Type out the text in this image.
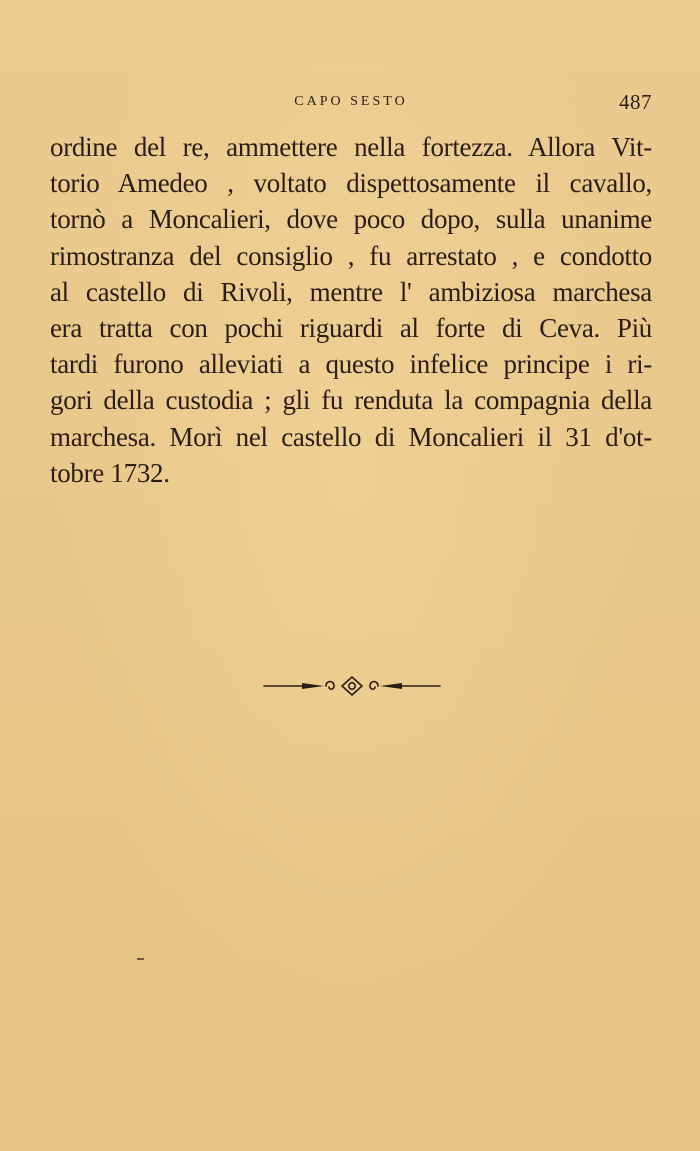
CAPO SESTO	487
ordine del re, ammettere nella fortezza. Allora Vit-
torio Amedeo , voltato dispettosamente il cavallo,
tornò a Moncalieri, dove poco dopo, sulla unanime
rimostranza del consiglio , fu arrestato , e condotto
al castello di Rivoli, mentre l' ambiziosa marchesa
era tratta con pochi riguardi al forte di Ceva. Più
tardi furono alleviati a questo infelice principe i ri-
gori della custodia ; gli fu renduta la compagnia della
marchesa. Morì nel castello di Moncalieri il 31 d'ot-
tobre 1732.
